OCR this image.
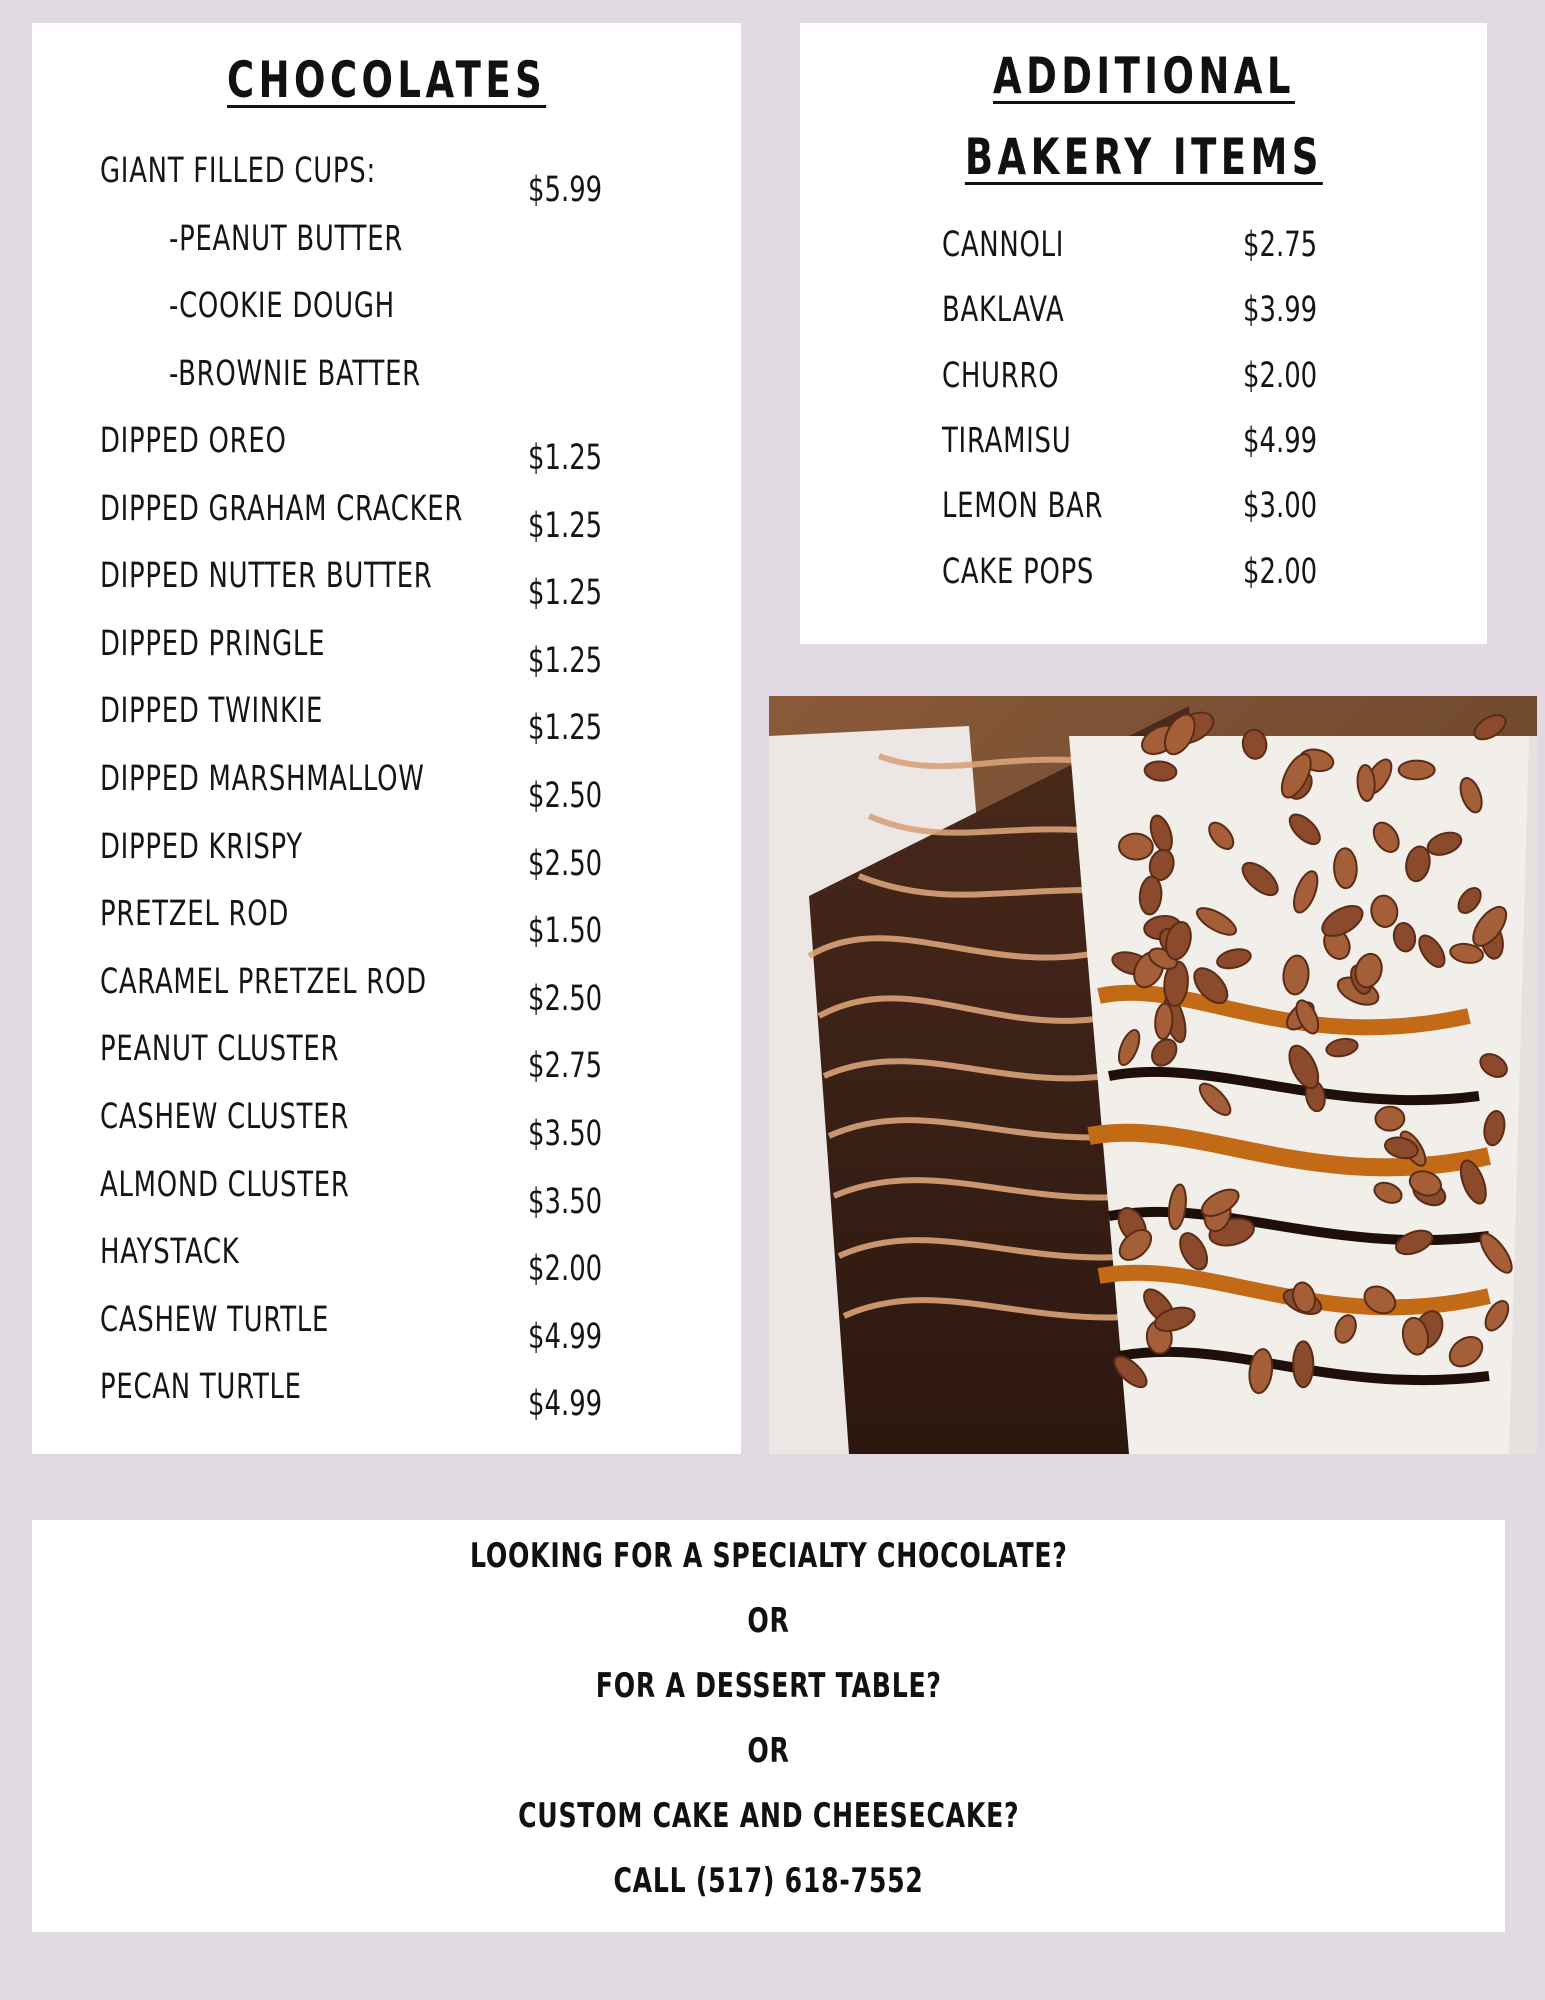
CHOCOLATES
GIANT FILLED CUPS:	$5.99
-PEANUT BUTTER
-COOKIE DOUGH
-BROWNIE BATTER
DIPPED OREO	$1.25
DIPPED GRAHAM CRACKER	$1.25
DIPPED NUTTER BUTTER	$1.25
DIPPED PRINGLE	$1.25
DIPPED TWINKIE	$1.25
DIPPED MARSHMALLOW	$2.50
DIPPED KRISPY	$2.50
PRETZEL ROD	$1.50
CARAMEL PRETZEL ROD	$2.50
PEANUT CLUSTER	$2.75
CASHEW CLUSTER	$3.50
ALMOND CLUSTER	$3.50
HAYSTACK	$2.00
CASHEW TURTLE	$4.99
PECAN TURTLE	$4.99
ADDITIONAL
BAKERY ITEMS
CANNOLI	$2.75
BAKLAVA	$3.99
CHURRO	$2.00
TIRAMISU	$4.99
LEMON BAR	$3.00
CAKE POPS	$2.00
LOOKING FOR A SPECIALTY CHOCOLATE?
OR
FOR A DESSERT TABLE?
OR
CUSTOM CAKE AND CHEESECAKE?
CALL (517) 618-7552
